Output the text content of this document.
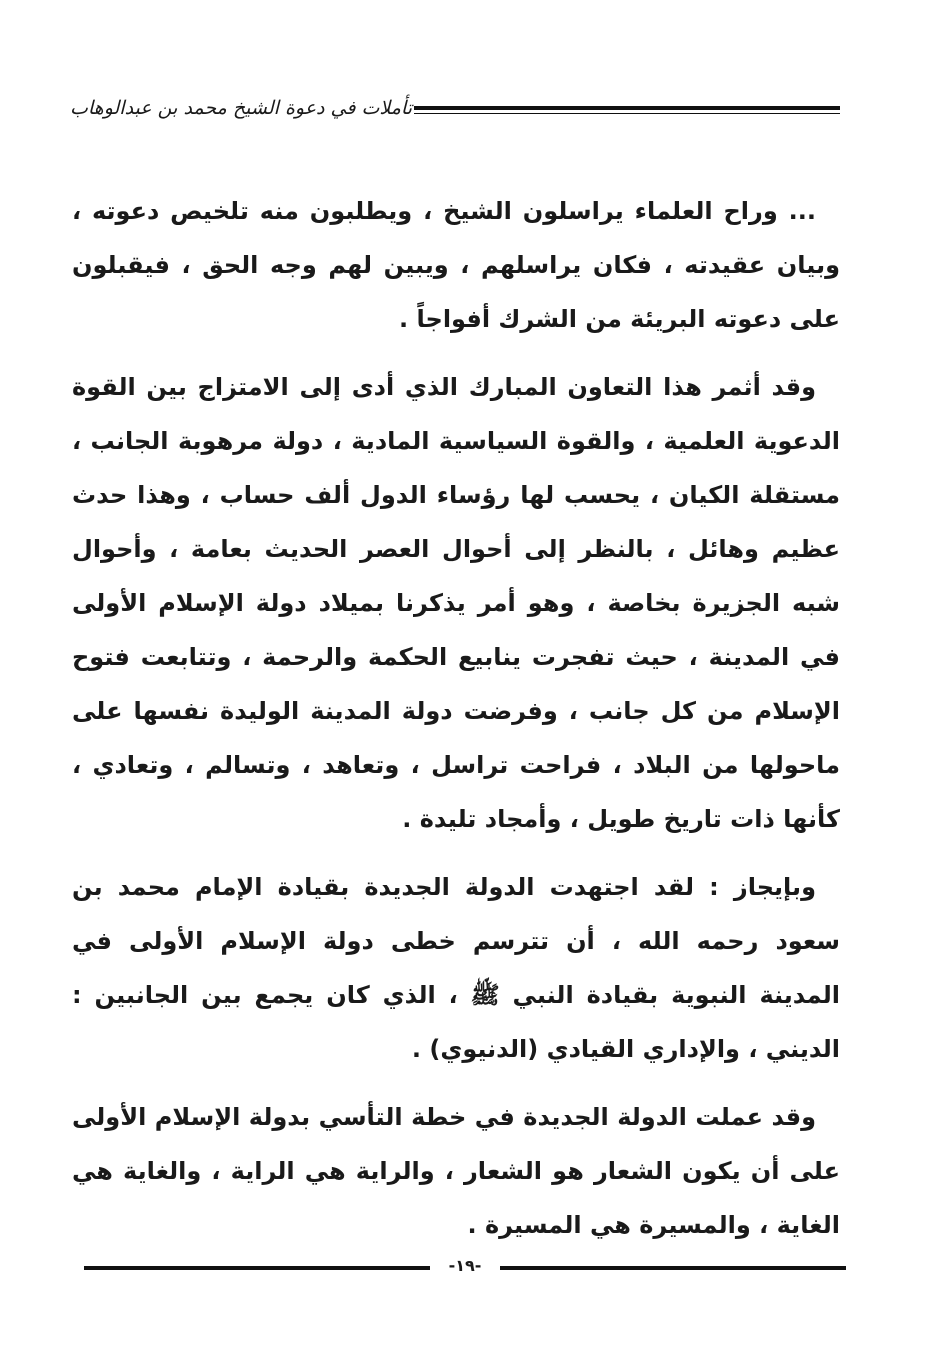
تأملات في دعوة الشيخ محمد بن عبدالوهاب

... وراح العلماء يراسلون الشيخ ، ويطلبون منه تلخيص دعوته ، وبيان عقيدته ، فكان يراسلهم ، ويبين لهم وجه الحق ، فيقبلون على دعوته البريئة من الشرك أفواجاً .

وقد أثمر هذا التعاون المبارك الذي أدى إلى الامتزاج بين القوة الدعوية العلمية ، والقوة السياسية المادية ، دولة مرهوبة الجانب ، مستقلة الكيان ، يحسب لها رؤساء الدول ألف حساب ، وهذا حدث عظيم وهائل ، بالنظر إلى أحوال العصر الحديث بعامة ، وأحوال شبه الجزيرة بخاصة ، وهو أمر يذكرنا بميلاد دولة الإسلام الأولى في المدينة ، حيث تفجرت ينابيع الحكمة والرحمة ، وتتابعت فتوح الإسلام من كل جانب ، وفرضت دولة المدينة الوليدة نفسها على ماحولها من البلاد ، فراحت تراسل ، وتعاهد ، وتسالم ، وتعادي ، كأنها ذات تاريخ طويل ، وأمجاد تليدة .

وبإيجاز : لقد اجتهدت الدولة الجديدة بقيادة الإمام محمد بن سعود رحمه الله ، أن تترسم خطى دولة الإسلام الأولى في المدينة النبوية بقيادة النبي ﷺ ، الذي كان يجمع بين الجانبين : الديني ، والإداري القيادي (الدنيوي) .

وقد عملت الدولة الجديدة في خطة التأسي بدولة الإسلام الأولى على أن يكون الشعار هو الشعار ، والراية هي الراية ، والغاية هي الغاية ، والمسيرة هي المسيرة .

-١٩-
